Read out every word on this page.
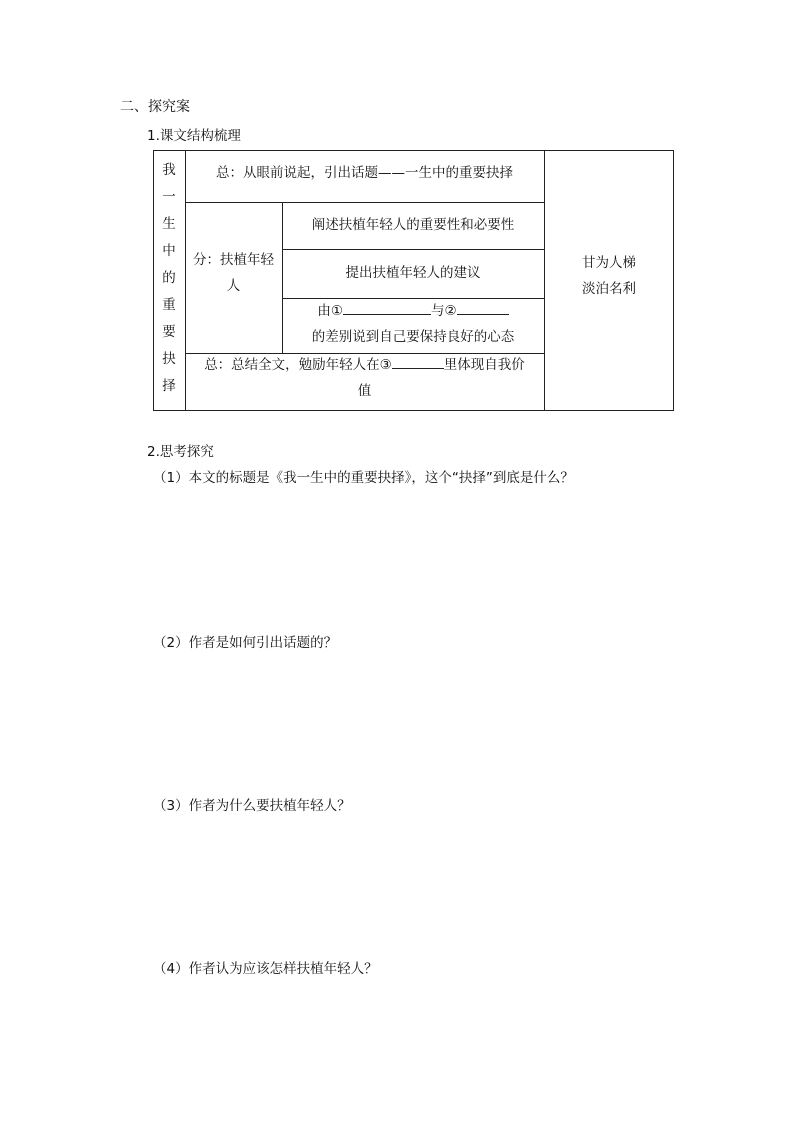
二、探究案
1.课文结构梳理
我
一
生
中
的
重
要
抉
择
总：从眼前说起，引出话题——一生中的重要抉择
分：扶植年轻
人
阐述扶植年轻人的重要性和必要性
提出扶植年轻人的建议
由①	与②
的差别说到自己要保持良好的心态
总：总结全文，勉励年轻人在③	里体现自我价
值
甘为人梯
淡泊名利
2.思考探究
（1）本文的标题是《我一生中的重要抉择》，这个“抉择”到底是什么？
（2）作者是如何引出话题的？
（3）作者为什么要扶植年轻人？
（4）作者认为应该怎样扶植年轻人？
